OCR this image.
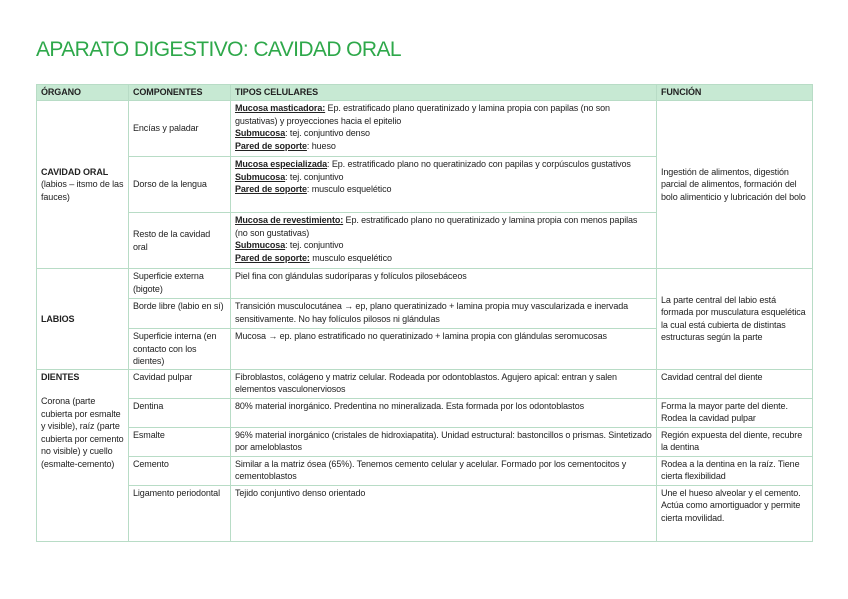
APARATO DIGESTIVO: CAVIDAD ORAL
ÓRGANO	COMPONENTES	TIPOS CELULARES	FUNCIÓN

CAVIDAD ORAL
(labios – itsmo de las fauces)	Encías y paladar	Mucosa masticadora: Ep. estratificado plano queratinizado y lamina propia con papilas (no son gustativas) y proyecciones hacia el epitelio
Submucosa: tej. conjuntivo denso
Pared de soporte: hueso	Ingestión de alimentos, digestión parcial de alimentos, formación del bolo alimenticio y lubricación del bolo
	Dorso de la lengua	Mucosa especializada: Ep. estratificado plano no queratinizado con papilas y corpúsculos gustativos
Submucosa: tej. conjuntivo
Pared de soporte: musculo esquelético	
	Resto de la cavidad oral	Mucosa de revestimiento: Ep. estratificado plano no queratinizado y lamina propia con menos papilas (no son gustativas)
Submucosa: tej. conjuntivo
Pared de soporte: musculo esquelético	
LABIOS	Superficie externa (bigote)	Piel fina con glándulas sudoríparas y folículos pilosebáceos	La parte central del labio está formada por musculatura esquelética la cual está cubierta de distintas estructuras según la parte
	Borde libre (labio en sí)	Transición musculocutánea → ep, plano queratinizado + lamina propia muy vascularizada e inervada sensitivamente. No hay folículos pilosos ni glándulas	
	Superficie interna (en contacto con los dientes)	Mucosa → ep. plano estratificado no queratinizado + lamina propia con glándulas seromucosas	

DIENTES
Corona (parte cubierta por esmalte y visible), raíz (parte cubierta por cemento no visible) y cuello (esmalte-cemento)	Cavidad pulpar	Fibroblastos, colágeno y matriz celular. Rodeada por odontoblastos. Agujero apical: entran y salen elementos vasculonerviosos	Cavidad central del diente
	Dentina	80% material inorgánico. Predentina no mineralizada. Esta formada por los odontoblastos	Forma la mayor parte del diente. Rodea la cavidad pulpar
	Esmalte	96% material inorgánico (cristales de hidroxiapatita). Unidad estructural: bastoncillos o prismas. Sintetizado por ameloblastos	Región expuesta del diente, recubre la dentina
	Cemento	Similar a la matriz ósea (65%). Tenemos cemento celular y acelular. Formado por los cementocitos y cementoblastos	Rodea a la dentina en la raíz. Tiene cierta flexibilidad
	Ligamento periodontal	Tejido conjuntivo denso orientado	Une el hueso alveolar y el cemento. Actúa como amortiguador y permite cierta movilidad.
